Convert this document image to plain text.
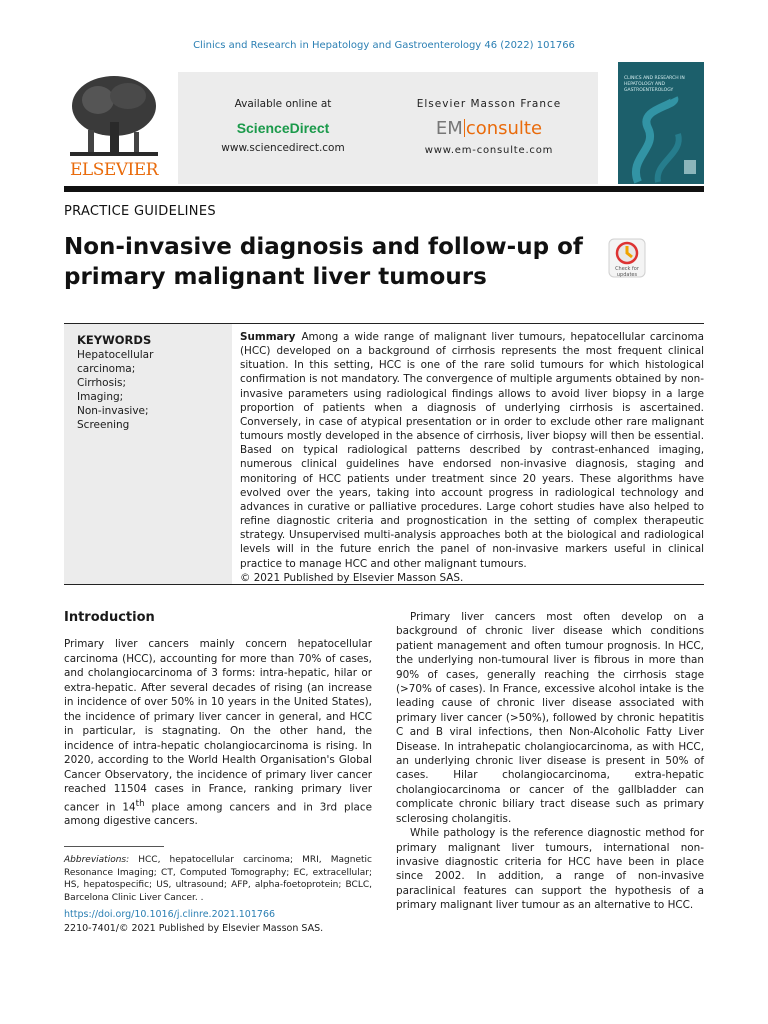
Clinics and Research in Hepatology and Gastroenterology 46 (2022) 101766
ELSEVIER
Available online at
ScienceDirect
www.sciencedirect.com
Elsevier Masson France
EM consulte
www.em-consulte.com
CLINICS AND RESEARCH IN HEPATOLOGY AND GASTROENTEROLOGY
PRACTICE GUIDELINES
Non-invasive diagnosis and follow-up of primary malignant liver tumours	Check for updates
KEYWORDS
Hepatocellular
carcinoma;
Cirrhosis;
Imaging;
Non-invasive;
Screening

Summary Among a wide range of malignant liver tumours, hepatocellular carcinoma (HCC) developed on a background of cirrhosis represents the most frequent clinical situation. In this setting, HCC is one of the rare solid tumours for which histological confirmation is not mandatory. The convergence of multiple arguments obtained by non-invasive parameters using radiological findings allows to avoid liver biopsy in a large proportion of patients when a diagnosis of underlying cirrhosis is ascertained. Conversely, in case of atypical presentation or in order to exclude other rare malignant tumours mostly developed in the absence of cirrhosis, liver biopsy will then be essential. Based on typical radiological patterns described by contrast-enhanced imaging, numerous clinical guidelines have endorsed non-invasive diagnosis, staging and monitoring of HCC patients under treatment since 20 years. These algorithms have evolved over the years, taking into account progress in radiological technology and advances in curative or palliative procedures. Large cohort studies have also helped to refine diagnostic criteria and prognostication in the setting of complex therapeutic strategy. Unsupervised multi-analysis approaches both at the biological and radiological levels will in the future enrich the panel of non-invasive markers useful in clinical practice to manage HCC and other malignant tumours.
© 2021 Published by Elsevier Masson SAS.

Introduction

Primary liver cancers mainly concern hepatocellular carcinoma (HCC), accounting for more than 70% of cases, and cholangiocarcinoma of 3 forms: intra-hepatic, hilar or extra-hepatic. After several decades of rising (an increase in incidence of over 50% in 10 years in the United States), the incidence of primary liver cancer in general, and HCC in particular, is stagnating. On the other hand, the incidence of intra-hepatic cholangiocarcinoma is rising. In 2020, according to the World Health Organisation's Global Cancer Observatory, the incidence of primary liver cancer reached 11504 cases in France, ranking primary liver cancer in 14th place among cancers and in 3rd place among digestive cancers.

Primary liver cancers most often develop on a background of chronic liver disease which conditions patient management and often tumour prognosis. In HCC, the underlying non-tumoural liver is fibrous in more than 90% of cases, generally reaching the cirrhosis stage (>70% of cases). In France, excessive alcohol intake is the leading cause of chronic liver disease associated with primary liver cancer (>50%), followed by chronic hepatitis C and B viral infections, then Non-Alcoholic Fatty Liver Disease. In intrahepatic cholangiocarcinoma, as with HCC, an underlying chronic liver disease is present in 50% of cases. Hilar cholangiocarcinoma, extra-hepatic cholangiocarcinoma or cancer of the gallbladder can complicate chronic biliary tract disease such as primary sclerosing cholangitis.

While pathology is the reference diagnostic method for primary malignant liver tumours, international non-invasive diagnostic criteria for HCC have been in place since 2002. In addition, a range of non-invasive paraclinical features can support the hypothesis of a primary malignant liver tumour as an alternative to HCC.

Abbreviations: HCC, hepatocellular carcinoma; MRI, Magnetic Resonance Imaging; CT, Computed Tomography; EC, extracellular; HS, hepatospecific; US, ultrasound; AFP, alpha-foetoprotein; BCLC, Barcelona Clinic Liver Cancer. .

https://doi.org/10.1016/j.clinre.2021.101766
2210-7401/© 2021 Published by Elsevier Masson SAS.
